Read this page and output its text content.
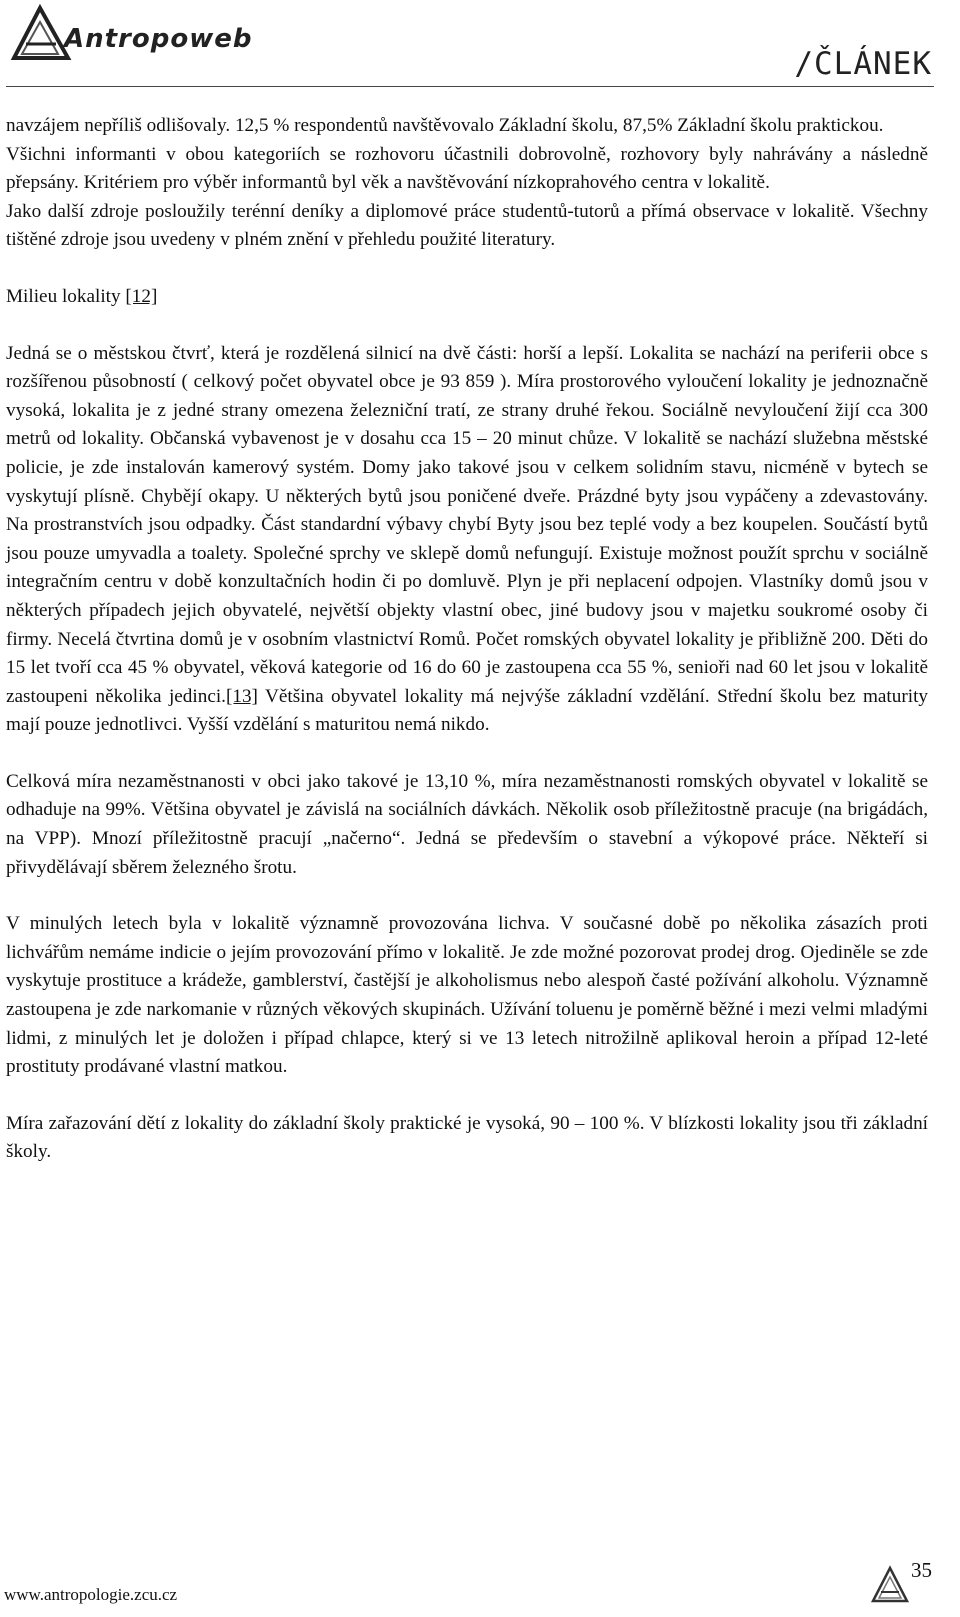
Antropoweb
/ČLÁNEK

navzájem nepříliš odlišovaly. 12,5 % respondentů navštěvovalo Základní školu, 87,5% Základní školu praktickou.

Všichni informanti v obou kategoriích se rozhovoru účastnili dobrovolně, rozhovory byly nahrávány a následně přepsány. Kritériem pro výběr informantů byl věk a navštěvování nízkoprahového centra v lokalitě.

Jako další zdroje posloužily terénní deníky a diplomové práce studentů-tutorů a přímá observace v lokalitě. Všechny tištěné zdroje jsou uvedeny v plném znění v přehledu použité literatury.

Milieu lokality [12]

Jedná se o městskou čtvrť, která je rozdělená silnicí na dvě části: horší a lepší. Lokalita se nachází na periferii obce s rozšířenou působností ( celkový počet obyvatel obce je 93 859 ). Míra prostorového vyloučení lokality je jednoznačně vysoká, lokalita je z jedné strany omezena železniční tratí, ze strany druhé řekou. Sociálně nevyloučení žijí cca 300 metrů od lokality. Občanská vybavenost je v dosahu cca 15 – 20 minut chůze. V lokalitě se nachází služebna městské policie, je zde instalován kamerový systém. Domy jako takové jsou v celkem solidním stavu, nicméně v bytech se vyskytují plísně. Chybějí okapy. U některých bytů jsou poničené dveře. Prázdné byty jsou vypáčeny a zdevastovány. Na prostranstvích jsou odpadky. Část standardní výbavy chybí Byty jsou bez teplé vody a bez koupelen. Součástí bytů jsou pouze umyvadla a toalety. Společné sprchy ve sklepě domů nefungují. Existuje možnost použít sprchu v sociálně integračním centru v době konzultačních hodin či po domluvě. Plyn je při neplacení odpojen. Vlastníky domů jsou v některých případech jejich obyvatelé, největší objekty vlastní obec, jiné budovy jsou v majetku soukromé osoby či firmy. Necelá čtvrtina domů je v osobním vlastnictví Romů. Počet romských obyvatel lokality je přibližně 200. Děti do 15 let tvoří cca 45 % obyvatel, věková kategorie od 16 do 60 je zastoupena cca 55 %, senioři nad 60 let jsou v lokalitě zastoupeni několika jedinci.[13] Většina obyvatel lokality má nejvýše základní vzdělání. Střední školu bez maturity mají pouze jednotlivci. Vyšší vzdělání s maturitou nemá nikdo.

Celková míra nezaměstnanosti v obci jako takové je 13,10 %, míra nezaměstnanosti romských obyvatel v lokalitě se odhaduje na 99%. Většina obyvatel je závislá na sociálních dávkách. Několik osob příležitostně pracuje (na brigádách, na VPP). Mnozí příležitostně pracují „načerno“. Jedná se především o stavební a výkopové práce. Někteří si přivydělávají sběrem železného šrotu.

V minulých letech byla v lokalitě významně provozována lichva. V současné době po několika zásazích proti lichvářům nemáme indicie o jejím provozování přímo v lokalitě. Je zde možné pozorovat prodej drog. Ojediněle se zde vyskytuje prostituce a krádeže, gamblerství, častější je alkoholismus nebo alespoň časté požívání alkoholu. Významně zastoupena je zde narkomanie v různých věkových skupinách. Užívání toluenu je poměrně běžné i mezi velmi mladými lidmi, z minulých let je doložen i případ chlapce, který si ve 13 letech nitrožilně aplikoval heroin a případ 12-leté prostituty prodávané vlastní matkou.

Míra zařazování dětí z lokality do základní školy praktické je vysoká, 90 – 100 %. V blízkosti lokality jsou tři základní školy.

www.antropologie.zcu.cz
35
